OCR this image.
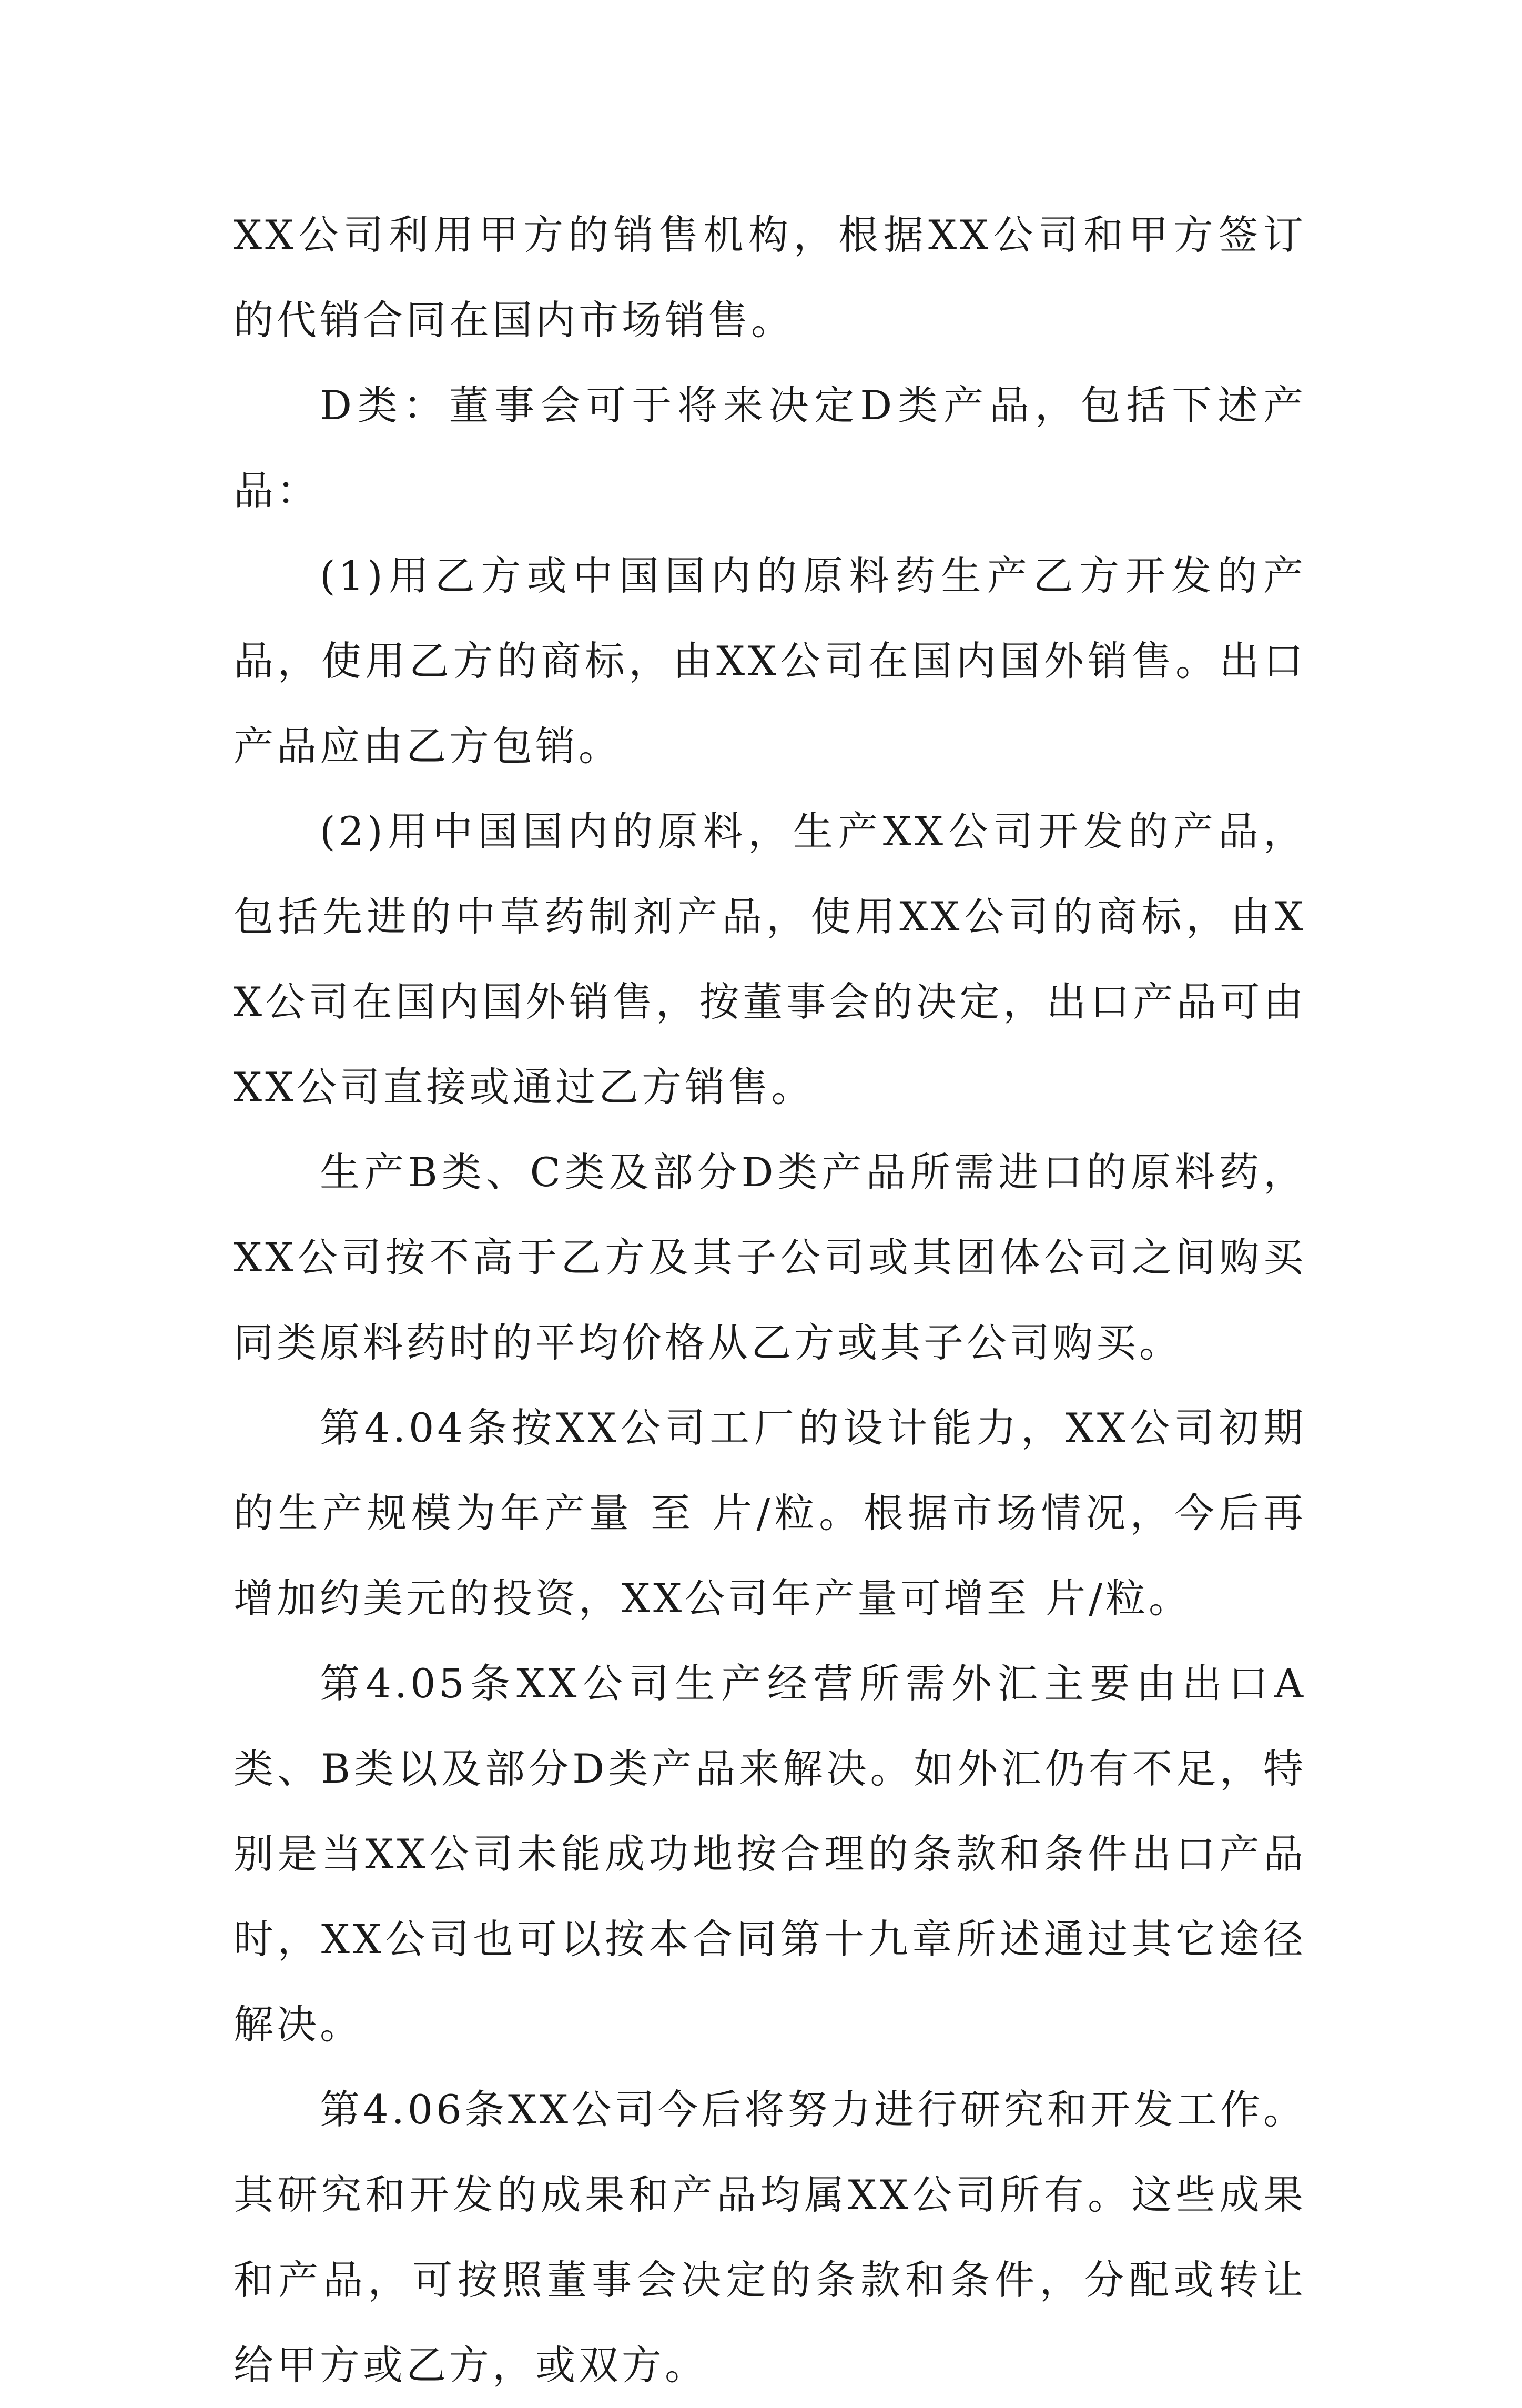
XX公司利用甲方的销售机构，根据XX公司和甲方签订的代销合同在国内市场销售。

D类：董事会可于将来决定D类产品，包括下述产品：

(1)用乙方或中国国内的原料药生产乙方开发的产品，使用乙方的商标，由XX公司在国内国外销售。出口产品应由乙方包销。

(2)用中国国内的原料，生产XX公司开发的产品，包括先进的中草药制剂产品，使用XX公司的商标，由XX公司在国内国外销售，按董事会的决定，出口产品可由XX公司直接或通过乙方销售。

生产B类、C类及部分D类产品所需进口的原料药，XX公司按不高于乙方及其子公司或其团体公司之间购买同类原料药时的平均价格从乙方或其子公司购买。

第4.04条按XX公司工厂的设计能力，XX公司初期的生产规模为年产量 至 片/粒。根据市场情况，今后再增加约美元的投资，XX公司年产量可增至 片/粒。

第4.05条XX公司生产经营所需外汇主要由出口A类、B类以及部分D类产品来解决。如外汇仍有不足，特别是当XX公司未能成功地按合理的条款和条件出口产品时，XX公司也可以按本合同第十九章所述通过其它途径解决。

第4.06条XX公司今后将努力进行研究和开发工作。其研究和开发的成果和产品均属XX公司所有。这些成果和产品，可按照董事会决定的条款和条件，分配或转让给甲方或乙方，或双方。
